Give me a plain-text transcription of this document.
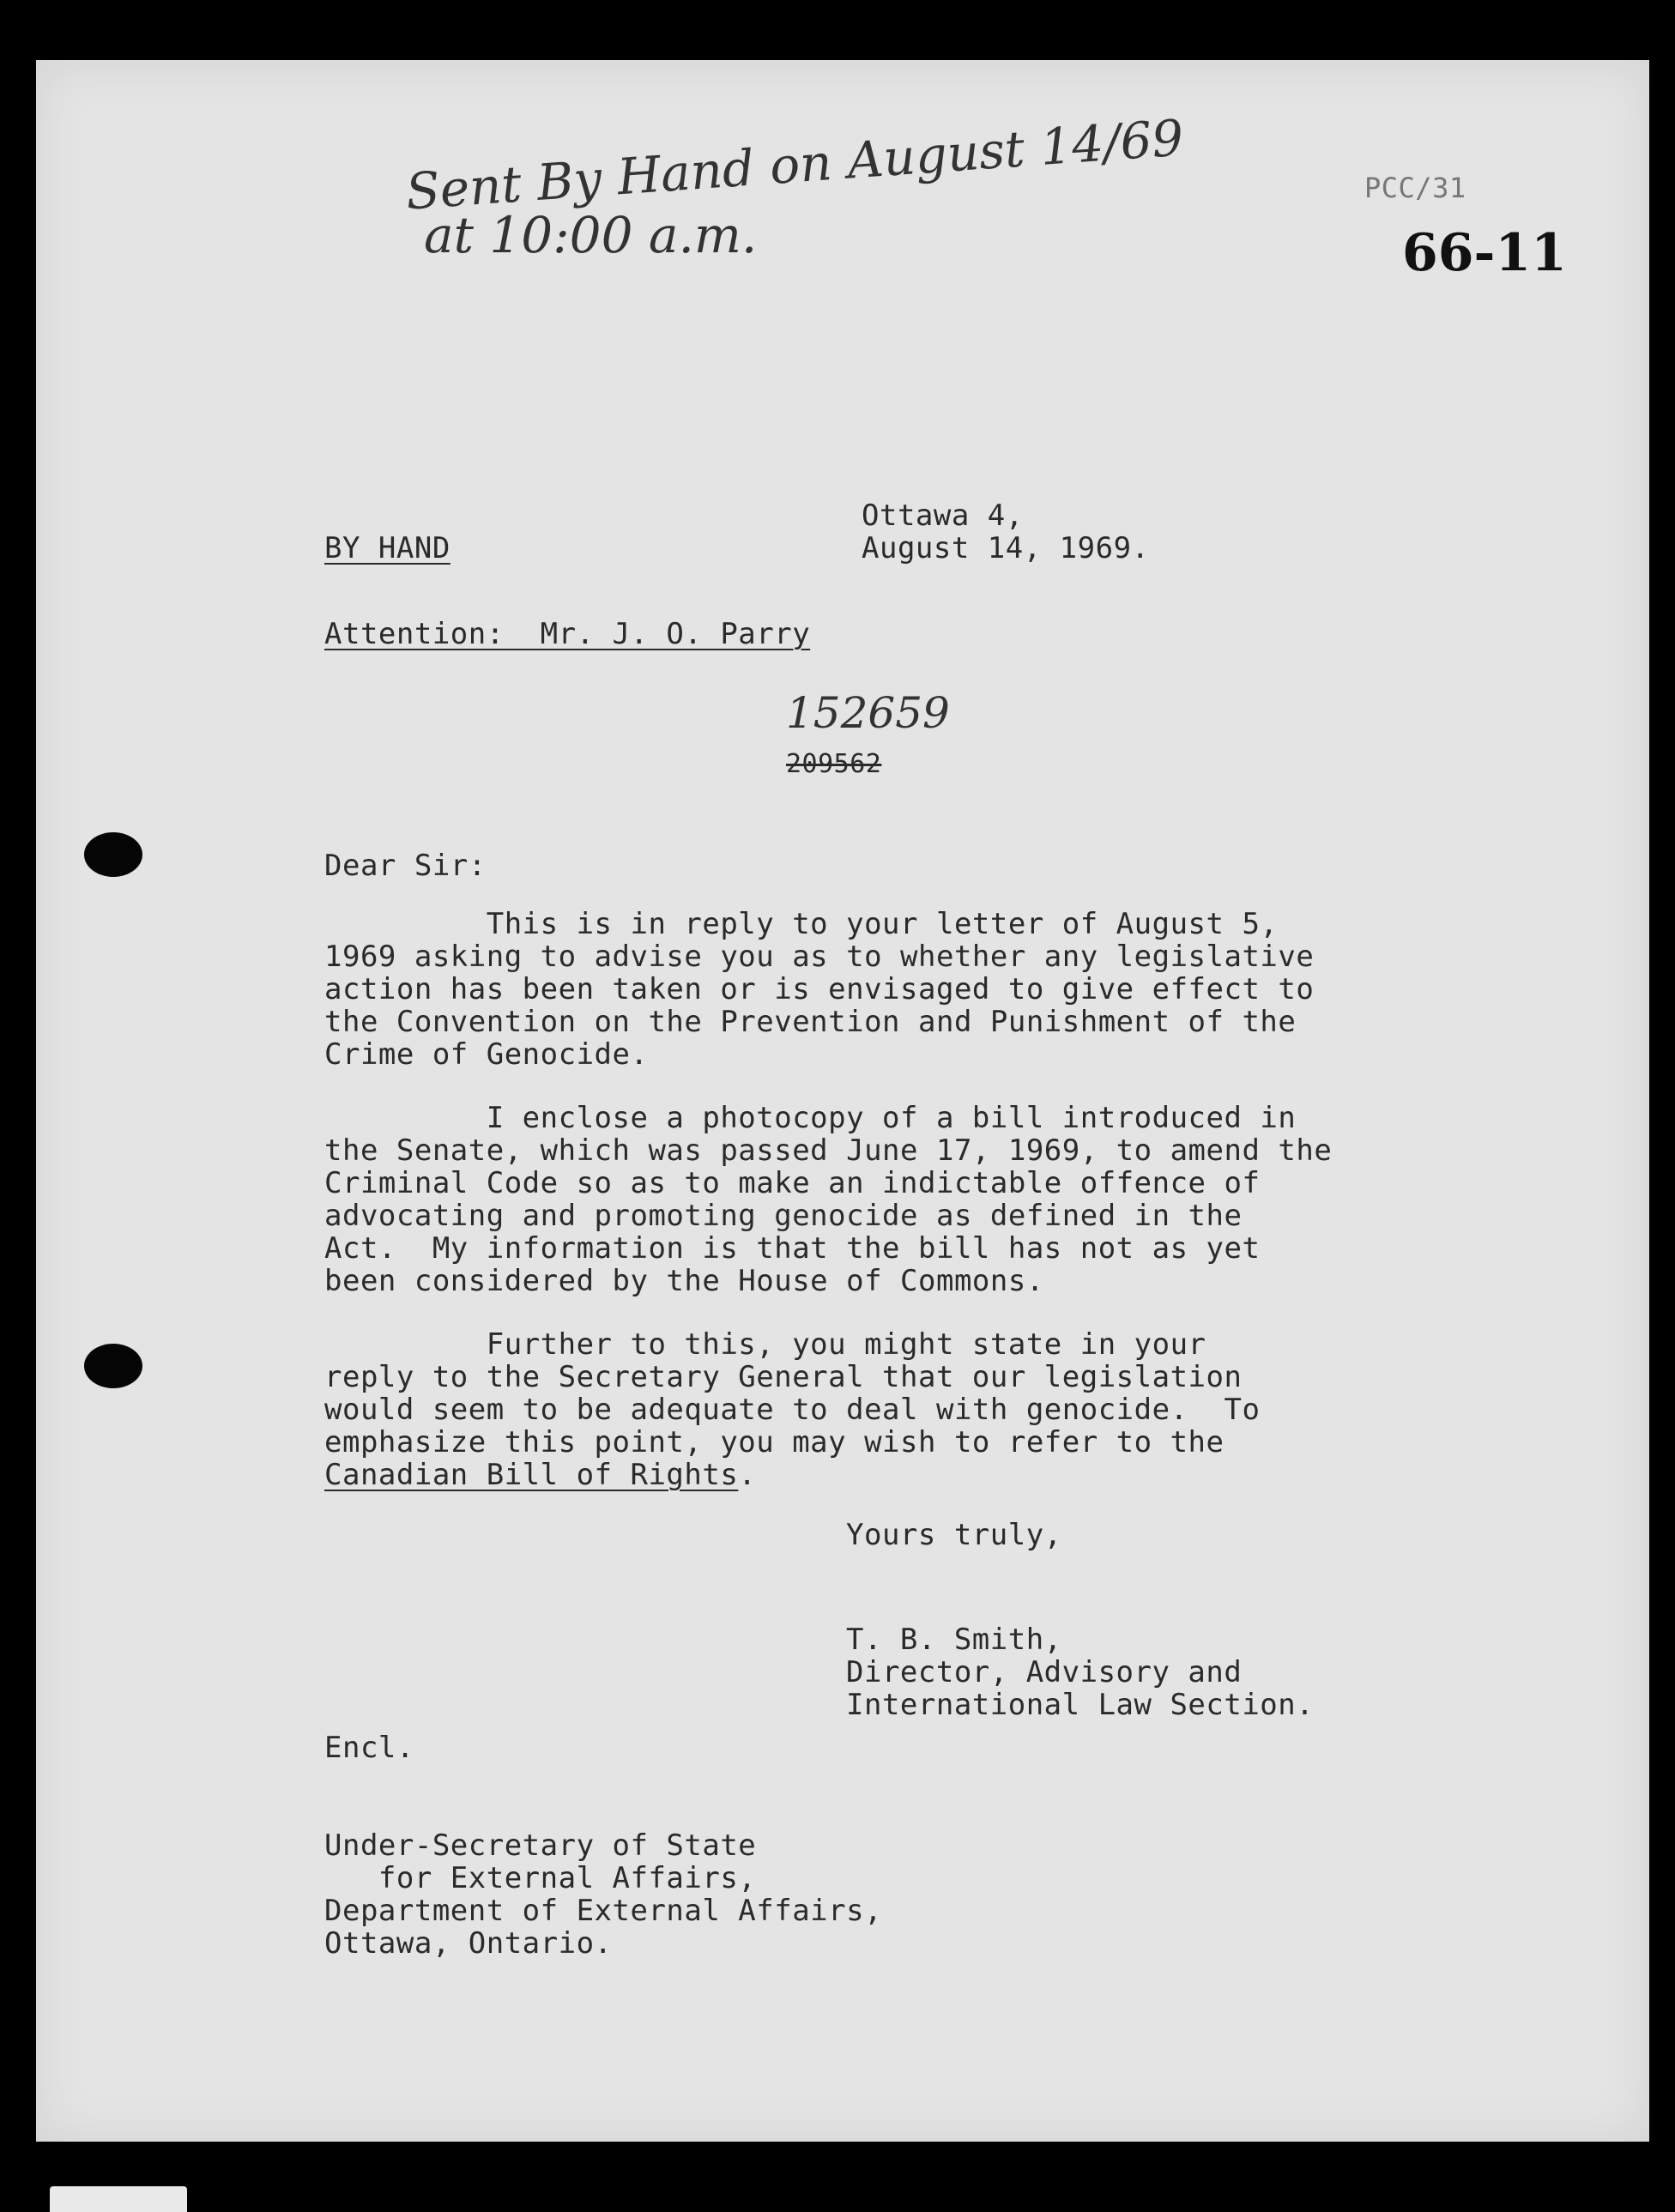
Sent By Hand on August 14/69
at 10:00 a.m.
PCC/31
66-11
Ottawa 4,
August 14, 1969.
BY HAND
Attention:  Mr. J. O. Parry
152659
209562
Dear Sir:
This is in reply to your letter of August 5,
1969 asking to advise you as to whether any legislative
action has been taken or is envisaged to give effect to
the Convention on the Prevention and Punishment of the
Crime of Genocide.
I enclose a photocopy of a bill introduced in
the Senate, which was passed June 17, 1969, to amend the
Criminal Code so as to make an indictable offence of
advocating and promoting genocide as defined in the
Act.  My information is that the bill has not as yet
been considered by the House of Commons.
Further to this, you might state in your
reply to the Secretary General that our legislation
would seem to be adequate to deal with genocide.  To
emphasize this point, you may wish to refer to the
Canadian Bill of Rights.
Yours truly,
T. B. Smith,
Director, Advisory and
International Law Section.
Encl.
Under-Secretary of State
for External Affairs,
Department of External Affairs,
Ottawa, Ontario.
